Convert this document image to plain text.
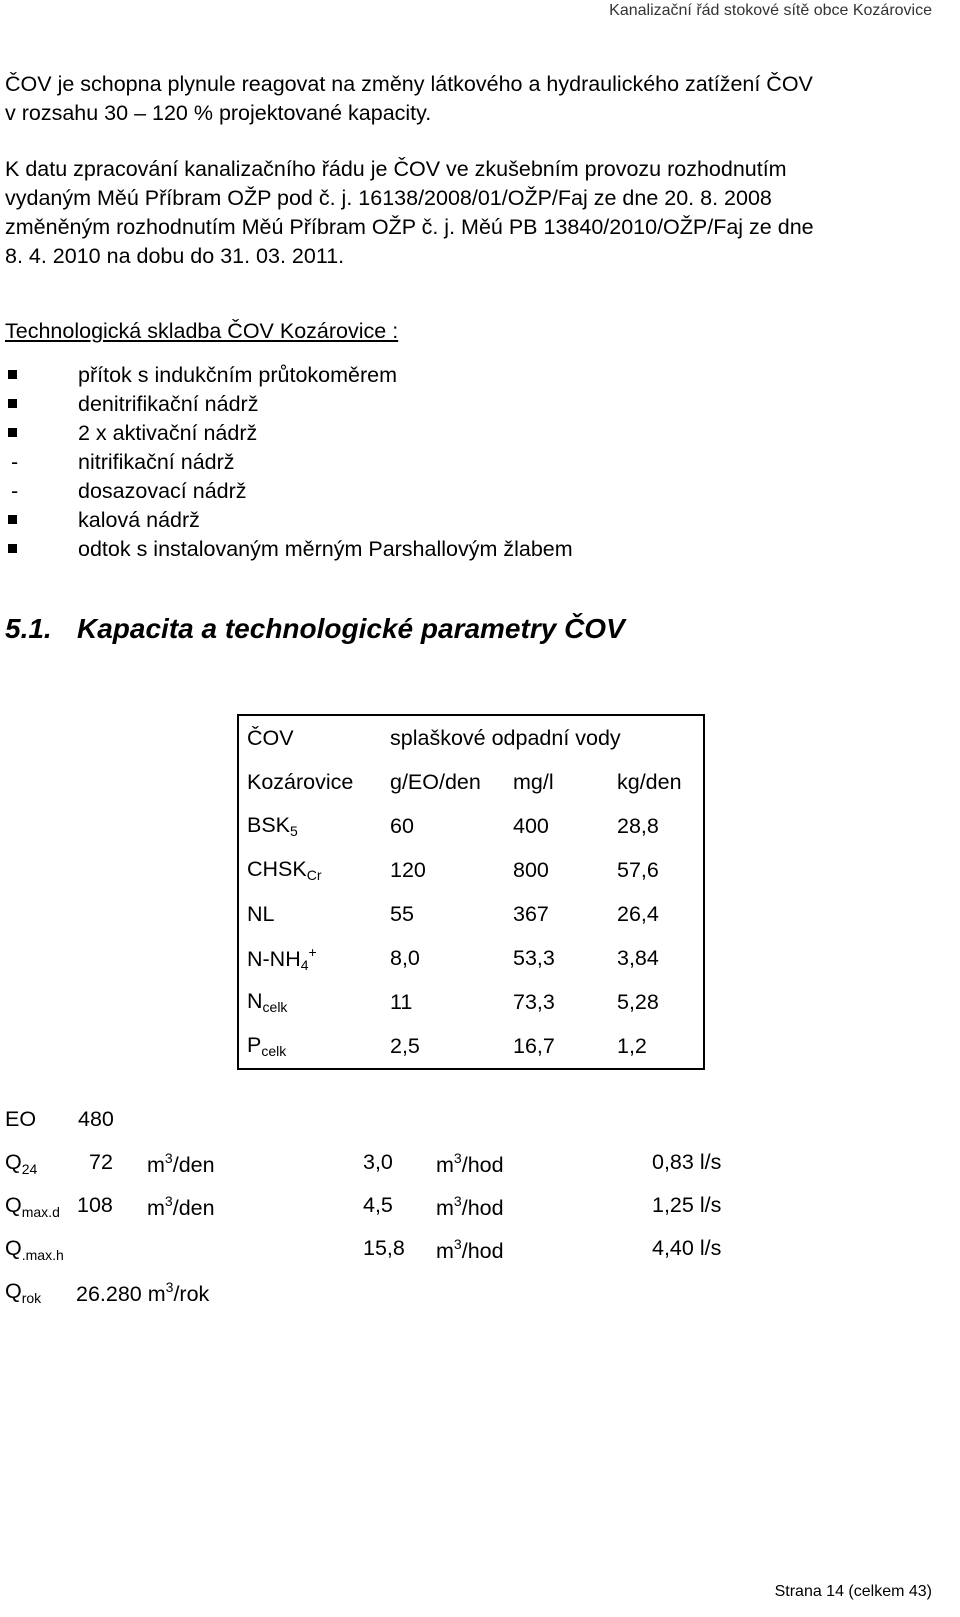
Kanalizační řád stokové sítě obce Kozárovice
ČOV je schopna plynule reagovat na změny látkového a hydraulického zatížení ČOV
v rozsahu 30 – 120 % projektované kapacity.
K datu zpracování kanalizačního řádu je ČOV ve zkušebním provozu rozhodnutím
vydaným Měú Příbram OŽP pod č. j. 16138/2008/01/OŽP/Faj ze dne 20. 8. 2008
změněným rozhodnutím Měú Příbram OŽP č. j. Měú PB 13840/2010/OŽP/Faj ze dne
8. 4. 2010 na dobu do 31. 03. 2011.
Technologická skladba ČOV Kozárovice :
přítok s indukčním průtokoměrem
denitrifikační nádrž
2 x aktivační nádrž
-	nitrifikační nádrž
-	dosazovací nádrž
kalová nádrž
odtok s instalovaným měrným Parshallovým žlabem
5.1. Kapacita a technologické parametry ČOV
ČOV	splaškové odpadní vody		
Kozárovice	g/EO/den	mg/l	kg/den
$BSK_5$	60	400	28,8
$CHSK_{Cr}$	120	800	57,6
NL	55	367	26,4
$N-NH_4^+$	8,0	53,3	3,84
$N_{celk}$	11	73,3	5,28
$P_{celk}$	2,5	16,7	1,2
EO 480
$Q_{24}$ 72 $m^3$/den	3,0 $m^3$/hod	0,83 l/s
$Q_{max.d}$ 108 $m^3$/den	4,5 $m^3$/hod	1,25 l/s
$Q_{.max.h}$	15,8 $m^3$/hod	4,40 l/s
$Q_{rok}$ 26.280 $m^3$/rok
Strana 14 (celkem 43)
